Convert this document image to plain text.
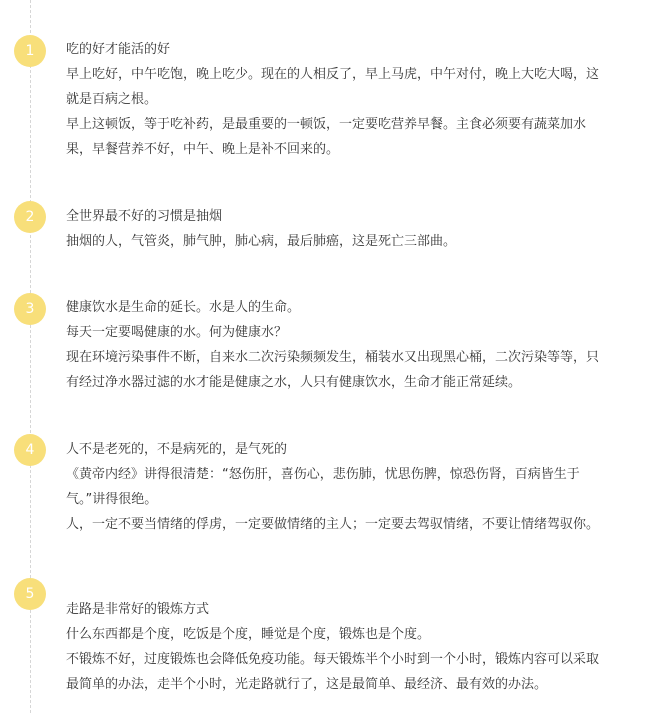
1	吃的好才能活的好

早上吃好，中午吃饱，晚上吃少。现在的人相反了，早上马虎，中午对付，晚上大吃大喝，这

就是百病之根。

早上这顿饭，等于吃补药，是最重要的一顿饭，一定要吃营养早餐。主食必须要有蔬菜加水

果，早餐营养不好，中午、晚上是补不回来的。

2	全世界最不好的习惯是抽烟

抽烟的人，气管炎，肺气肿，肺心病，最后肺癌，这是死亡三部曲。

3	健康饮水是生命的延长。水是人的生命。

每天一定要喝健康的水。何为健康水？

现在环境污染事件不断，自来水二次污染频频发生，桶装水又出现黑心桶，二次污染等等，只

有经过净水器过滤的水才能是健康之水，人只有健康饮水，生命才能正常延续。

4	人不是老死的，不是病死的，是气死的

《黄帝内经》讲得很清楚：“怒伤肝，喜伤心，悲伤肺，忧思伤脾，惊恐伤肾，百病皆生于

气。”讲得很绝。

人，一定不要当情绪的俘虏，一定要做情绪的主人；一定要去驾驭情绪，不要让情绪驾驭你。

5

走路是非常好的锻炼方式

什么东西都是个度，吃饭是个度，睡觉是个度，锻炼也是个度。

不锻炼不好，过度锻炼也会降低免疫功能。每天锻炼半个小时到一个小时，锻炼内容可以采取

最简单的办法，走半个小时，光走路就行了，这是最简单、最经济、最有效的办法。
